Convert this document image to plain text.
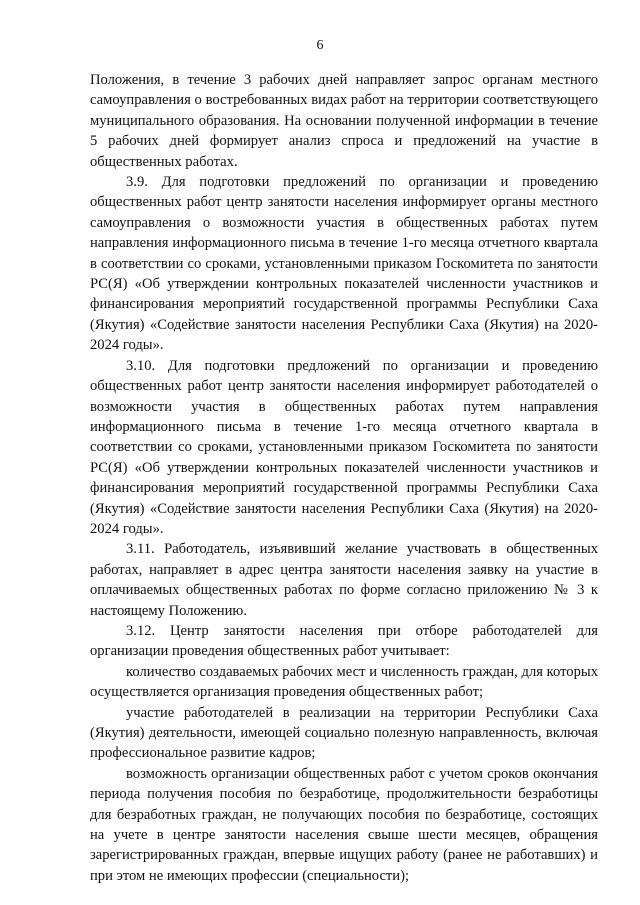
6

Положения, в течение 3 рабочих дней направляет запрос органам местного самоуправления о востребованных видах работ на территории соответствующего муниципального образования. На основании полученной информации в течение 5 рабочих дней формирует анализ спроса и предложений на участие в общественных работах.

3.9. Для подготовки предложений по организации и проведению общественных работ центр занятости населения информирует органы местного самоуправления о возможности участия в общественных работах путем направления информационного письма в течение 1-го месяца отчетного квартала в соответствии со сроками, установленными приказом Госкомитета по занятости РС(Я) «Об утверждении контрольных показателей численности участников и финансирования мероприятий государственной программы Республики Саха (Якутия) «Содействие занятости населения Республики Саха (Якутия) на 2020-2024 годы».

3.10. Для подготовки предложений по организации и проведению общественных работ центр занятости населения информирует работодателей о возможности участия в общественных работах путем направления информационного письма в течение 1-го месяца отчетного квартала в соответствии со сроками, установленными приказом Госкомитета по занятости РС(Я) «Об утверждении контрольных показателей численности участников и финансирования мероприятий государственной программы Республики Саха (Якутия) «Содействие занятости населения Республики Саха (Якутия) на 2020-2024 годы».

3.11. Работодатель, изъявивший желание участвовать в общественных работах, направляет в адрес центра занятости населения заявку на участие в оплачиваемых общественных работах по форме согласно приложению № 3 к настоящему Положению.

3.12. Центр занятости населения при отборе работодателей для организации проведения общественных работ учитывает:

количество создаваемых рабочих мест и численность граждан, для которых осуществляется организация проведения общественных работ;

участие работодателей в реализации на территории Республики Саха (Якутия) деятельности, имеющей социально полезную направленность, включая профессиональное развитие кадров;

возможность организации общественных работ с учетом сроков окончания периода получения пособия по безработице, продолжительности безработицы для безработных граждан, не получающих пособия по безработице, состоящих на учете в центре занятости населения свыше шести месяцев, обращения зарегистрированных граждан, впервые ищущих работу (ранее не работавших) и при этом не имеющих профессии (специальности);
